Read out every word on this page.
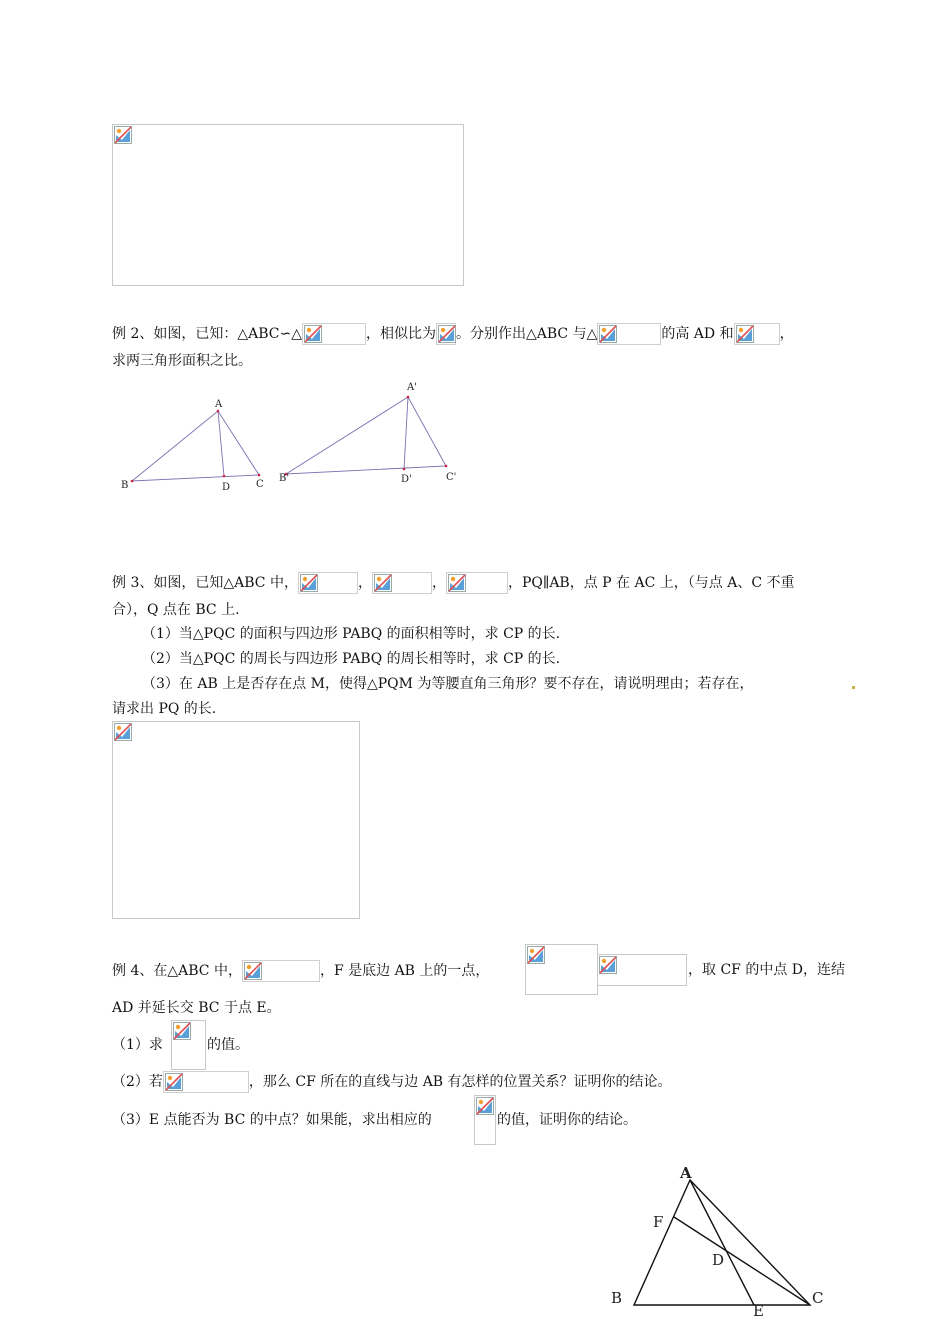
例 2、如图，已知：△ABC∽△	，相似比为 。分别作出△ABC 与△	的高 AD 和	，
求两三角形面积之比。
A
B	C
D
A'
B'	C'
D'
例 3、如图，已知△ABC 中，	，	，	，PQ∥AB，点 P 在 AC 上，（与点 A、C 不重
合），Q 点在 BC 上.
（1）当△PQC 的面积与四边形 PABQ 的面积相等时，求 CP 的长.
（2）当△PQC 的周长与四边形 PABQ 的周长相等时，求 CP 的长.
（3）在 AB 上是否存在点 M，使得△PQM 为等腰直角三角形？要不存在，请说明理由；若存在，
请求出 PQ 的长.
例 4、在△ABC 中，	，F 是底边 AB 上的一点，	，取 CF 的中点 D，连结
AD 并延长交 BC 于点 E。
（1）求	的值。
（2）若	，那么 CF 所在的直线与边 AB 有怎样的位置关系？证明你的结论。
（3）E 点能否为 BC 的中点？如果能，求出相应的	的值，证明你的结论。
A
B	C
D
E
F
